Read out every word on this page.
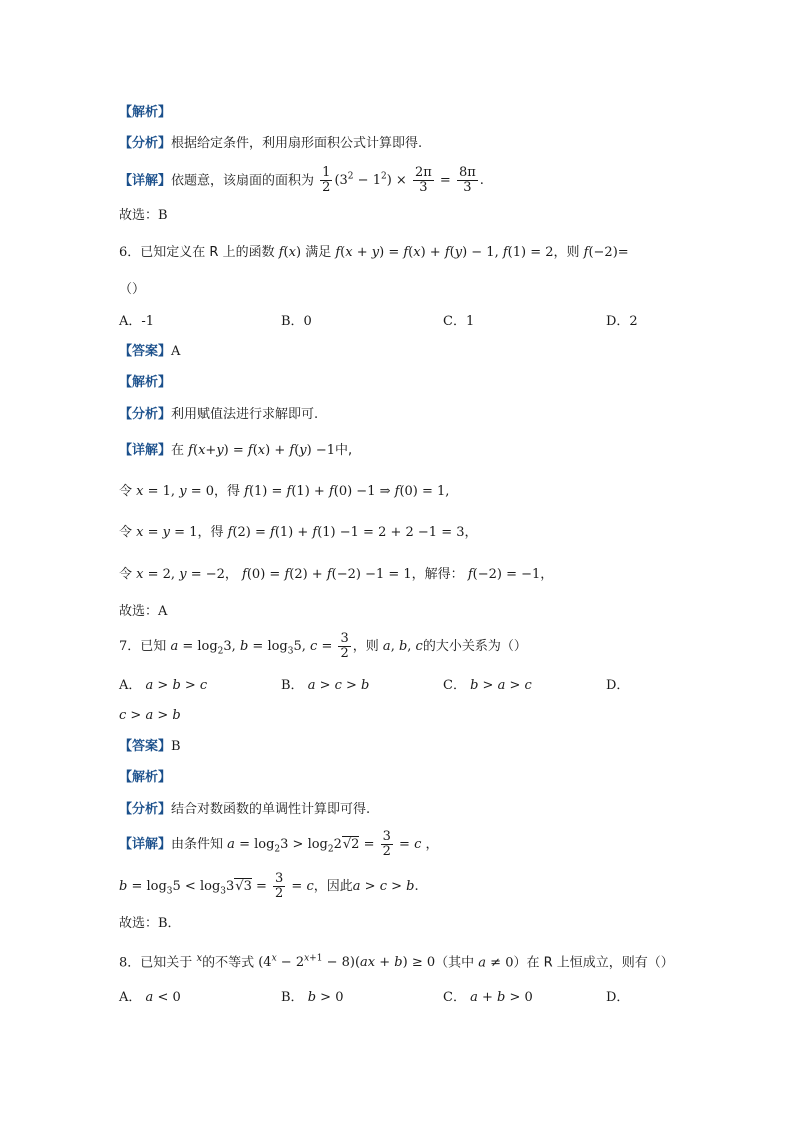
【解析】
【分析】根据给定条件，利用扇形面积公式计算即得.
【详解】依题意，该扇面的面积为 $\frac{1}{2} (3^2 - 1^2) \times \frac{2\pi}{3} = \frac{8\pi}{3}$ .
故选：B
6．已知定义在 R 上的函数 f(x) 满足 f(x + y) = f(x) + f(y) − 1, f(1) = 2，则 f(−2)=
（）
A．-1	B．0	C．1	D．2
【答案】A
【解析】
【分析】利用赋值法进行求解即可.
【详解】在 f(x+y) = f(x) + f(y) −1中,
令 x = 1, y = 0，得 f(1) = f(1) + f(0) −1 ⇒ f(0) = 1,
令 x = y = 1，得 f(2) = f(1) + f(1) −1 = 2 + 2 −1 = 3，
令 x = 2, y = −2， f(0) = f(2) + f(−2) −1 = 1，解得： f(−2) = −1，
故选：A
7．已知 $a = \log_23$, $b = \log_35$, $c = \frac{3}{2}$ ，则 a, b, c的大小关系为（）
A． a > b > c	B． a > c > b	C． b > a > c	D．
c > a > b
【答案】B
【解析】
【分析】结合对数函数的单调性计算即可得.
【详解】由条件知 $a = \log_23 > \log_22√2 = \frac{3}{2} = c$ ，
$b = \log_35 < \log_33√3 = \frac{3}{2} = c$，因此a > c > b.
故选：B．
8．已知关于 $^x$的不等式 $(4^x - 2^{x+1} - 8)(ax + b) \ge 0$（其中 a ≠ 0）在 R 上恒成立，则有（）
A． a < 0	B． b > 0	C． a + b > 0	D．
